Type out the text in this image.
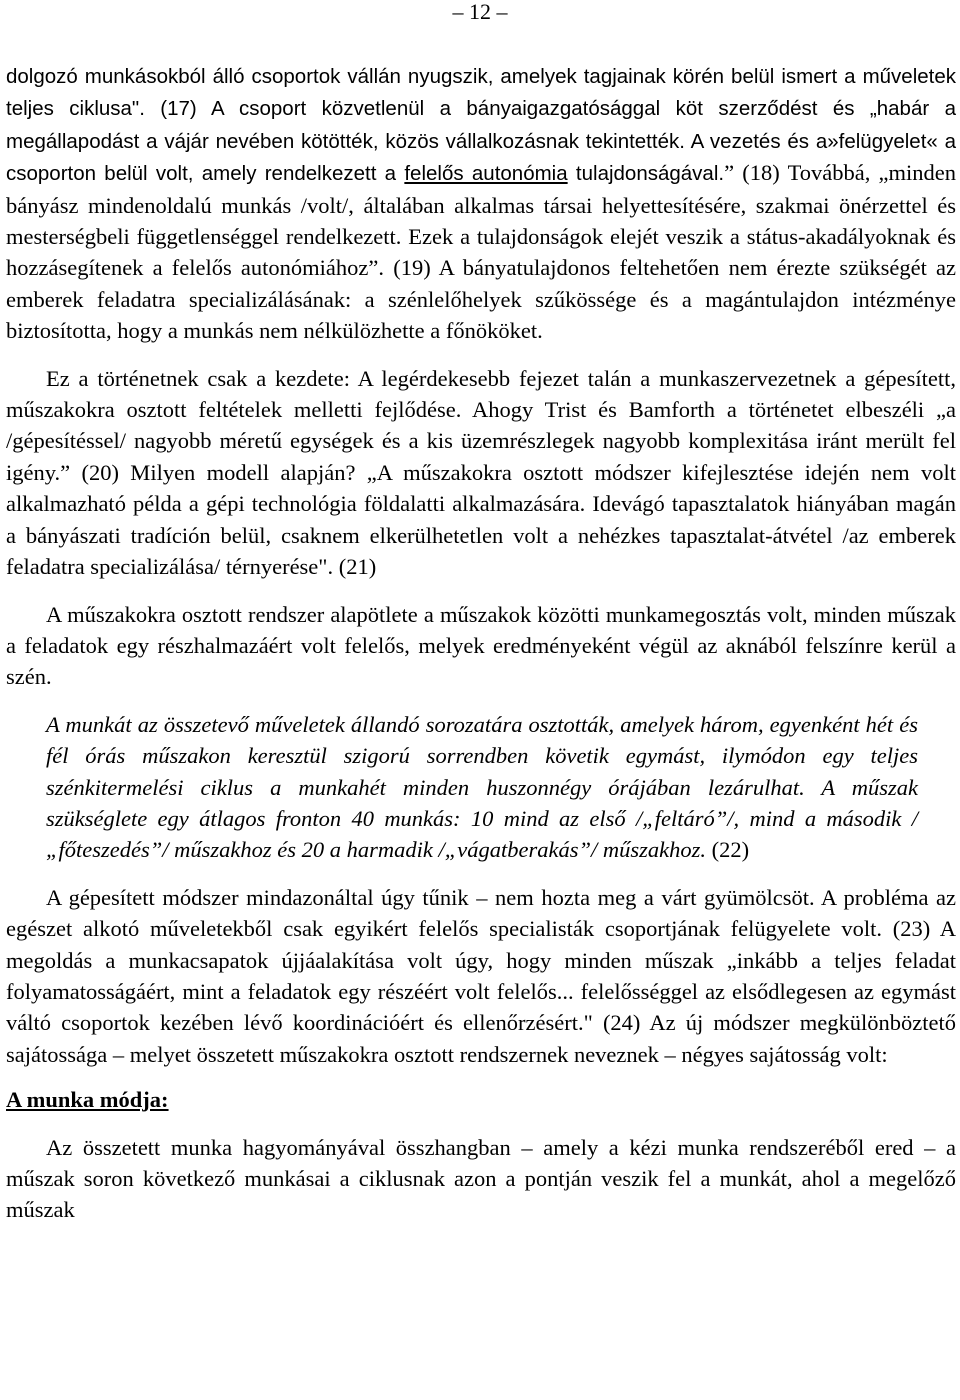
– 12 –

dolgozó munkásokból álló csoportok vállán nyugszik, amelyek tagjainak körén belül ismert a műveletek teljes ciklusa". (17) A csoport közvetlenül a bányaigazgatósággal köt szerződést és „habár a megállapodást a vájár nevében kötötték, közös vállalkozásnak tekintették. A vezetés és a»felügyelet« a csoporton belül volt, amely rendelkezett a felelős autonómia tulajdonságával.” (18) Továbbá, „minden bányász mindenoldalú munkás /volt/, általában alkalmas társai helyettesítésére, szakmai önérzettel és mesterségbeli függetlenséggel rendelkezett. Ezek a tulajdonságok elejét veszik a státus-akadályoknak és hozzásegítenek a felelős autonómiához”. (19) A bányatulajdonos feltehetően nem érezte szükségét az emberek feladatra specializálásának: a szénlelőhelyek szűkössége és a magántulajdon intézménye biztosította, hogy a munkás nem nélkülözhette a főnököket.

Ez a történetnek csak a kezdete: A legérdekesebb fejezet talán a munkaszervezetnek a gépesített, műszakokra osztott feltételek melletti fejlődése. Ahogy Trist és Bamforth a történetet elbeszéli „a /gépesítéssel/ nagyobb méretű egységek és a kis üzemrészlegek nagyobb komplexitása iránt merült fel igény.” (20) Milyen modell alapján? „A műszakokra osztott módszer kifejlesztése idején nem volt alkalmazható példa a gépi technológia földalatti alkalmazására. Idevágó tapasztalatok hiányában magán a bányászati tradíción belül, csaknem elkerülhetetlen volt a nehézkes tapasztalat-átvétel /az emberek feladatra specializálása/ térnyerése". (21)

A műszakokra osztott rendszer alapötlete a műszakok közötti munkamegosztás volt, minden műszak a feladatok egy részhalmazáért volt felelős, melyek eredményeként végül az aknából felszínre kerül a szén.

A munkát az összetevő műveletek állandó sorozatára osztották, amelyek három, egyenként hét és fél órás műszakon keresztül szigorú sorrendben követik egymást, ilymódon egy teljes szénkitermelési ciklus a munkahét minden huszonnégy órájában lezárulhat. A műszak szükséglete egy átlagos fronton 40 munkás: 10 mind az első /„feltáró”/, mind a második /„főteszedés”/ műszakhoz és 20 a harmadik /„vágatberakás”/ műszakhoz. (22)

A gépesített módszer mindazonáltal úgy tűnik – nem hozta meg a várt gyümölcsöt. A probléma az egészet alkotó műveletekből csak egyikért felelős specialisták csoportjának felügyelete volt. (23) A megoldás a munkacsapatok újjáalakítása volt úgy, hogy minden műszak „inkább a teljes feladat folyamatosságáért, mint a feladatok egy részéért volt felelős... felelősséggel az elsődlegesen az egymást váltó csoportok kezében lévő koordinációért és ellenőrzésért." (24) Az új módszer megkülönböztető sajátossága – melyet összetett műszakokra osztott rendszernek neveznek – négyes sajátosság volt:

A munka módja:

Az összetett munka hagyományával összhangban – amely a kézi munka rendszeréből ered – a műszak soron következő munkásai a ciklusnak azon a pontján veszik fel a munkát, ahol a megelőző műszak
